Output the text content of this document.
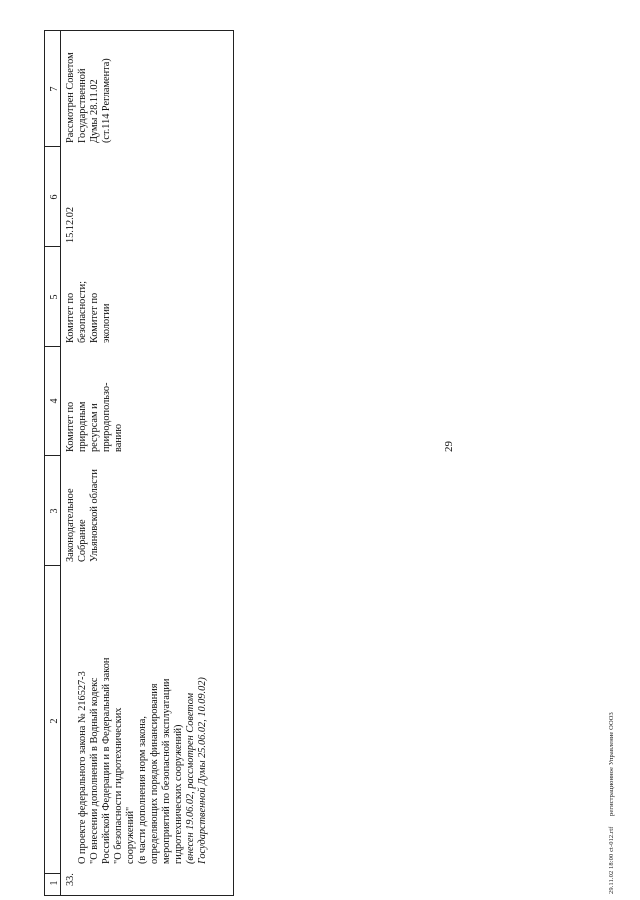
29
1
2
3
4
5
6
7
33.

О проекте федерального закона № 216527-3
"О внесении дополнений в Водный кодекс
Российской Федерации и в Федеральный закон
"О безопасности гидротехнических
сооружений"
(в части дополнения норм закона,
определяющих порядок финансирования
мероприятий по безопасной эксплуатации
гидротехнических сооружений)

(внесен 19.06.02, рассмотрен Советом
Государственной Думы 25.06.02, 10.09.02)

Законодательное
Собрание
Ульяновской области
Комитет по
природным
ресурсам и
природопользо-
ванию
Комитет по
безопасности;
Комитет по
экологии
15.12.02
Рассмотрен Советом
Государственной
Думы 28.11.02
(ст.114 Регламента)
29.11.02 18:00 ct-012.rtf
регистрационное Управление ООО3
